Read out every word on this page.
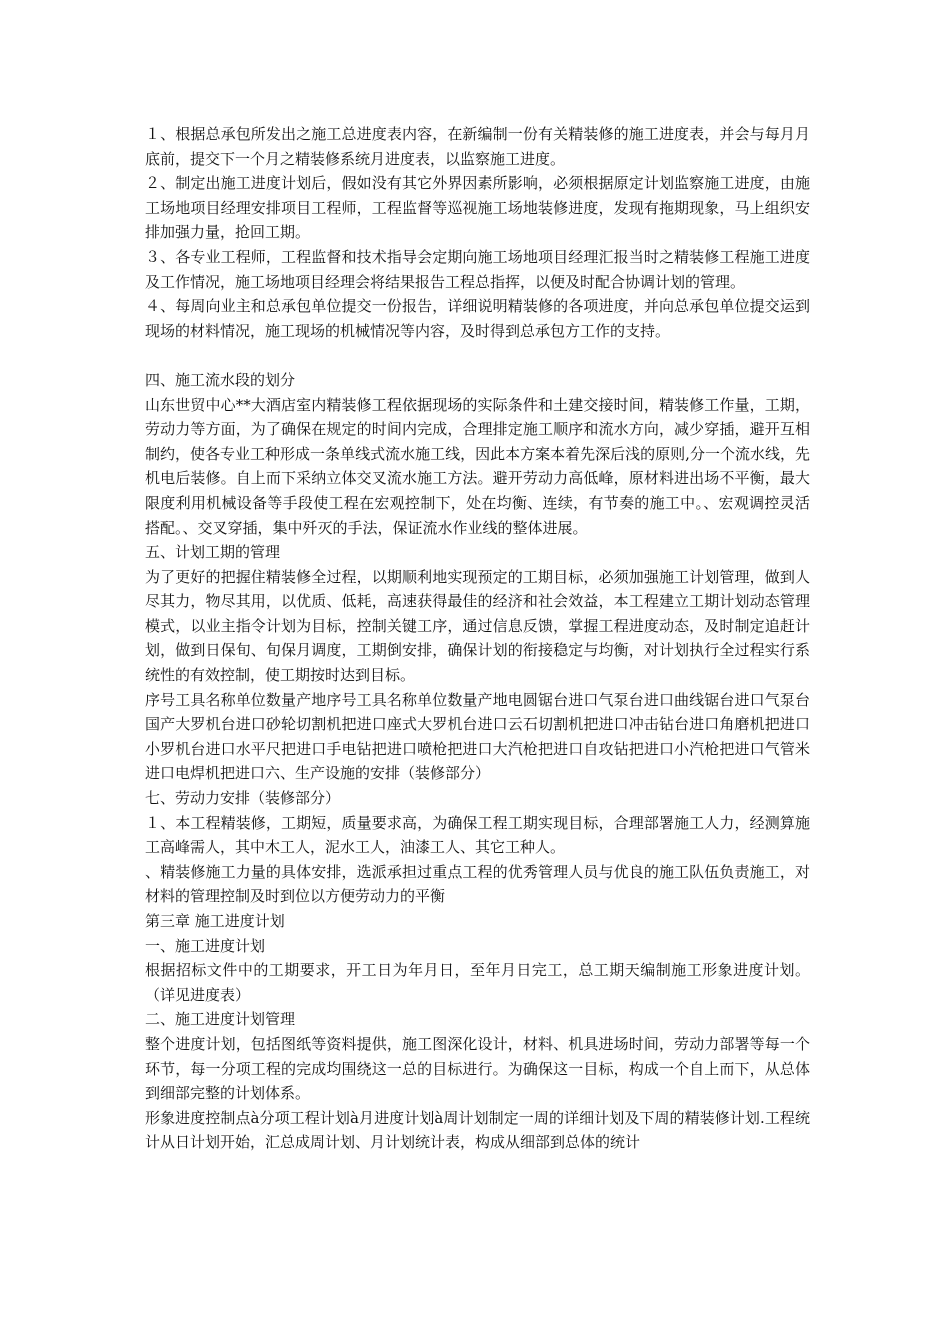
１、根据总承包所发出之施工总进度表内容，在新编制一份有关精装修的施工进度表，并会与每月月底前，提交下一个月之精装修系统月进度表，以监察施工进度。

２、制定出施工进度计划后，假如没有其它外界因素所影响，必须根据原定计划监察施工进度，由施工场地项目经理安排项目工程师，工程监督等巡视施工场地装修进度，发现有拖期现象，马上组织安排加强力量，抢回工期。

３、各专业工程师，工程监督和技术指导会定期向施工场地项目经理汇报当时之精装修工程施工进度及工作情况，施工场地项目经理会将结果报告工程总指挥，以便及时配合协调计划的管理。

４、每周向业主和总承包单位提交一份报告，详细说明精装修的各项进度，并向总承包单位提交运到现场的材料情况，施工现场的机械情况等内容，及时得到总承包方工作的支持。

四、施工流水段的划分

山东世贸中心**大酒店室内精装修工程依据现场的实际条件和土建交接时间，精装修工作量，工期，劳动力等方面，为了确保在规定的时间内完成，合理排定施工顺序和流水方向，减少穿插，避开互相制约，使各专业工种形成一条单线式流水施工线，因此本方案本着先深后浅的原则,分一个流水线，先机电后装修。自上而下采纳立体交叉流水施工方法。避开劳动力高低峰，原材料进出场不平衡，最大限度利用机械设备等手段使工程在宏观控制下，处在均衡、连续，有节奏的施工中。、宏观调控灵活搭配。、交叉穿插，集中歼灭的手法，保证流水作业线的整体进展。

五、计划工期的管理

为了更好的把握住精装修全过程，以期顺利地实现预定的工期目标，必须加强施工计划管理，做到人尽其力，物尽其用，以优质、低耗，高速获得最佳的经济和社会效益，本工程建立工期计划动态管理模式，以业主指令计划为目标，控制关键工序，通过信息反馈，掌握工程进度动态，及时制定追赶计划，做到日保旬、旬保月调度，工期倒安排，确保计划的衔接稳定与均衡，对计划执行全过程实行系统性的有效控制，使工期按时达到目标。

序号工具名称单位数量产地序号工具名称单位数量产地电圆锯台进口气泵台进口曲线锯台进口气泵台国产大罗机台进口砂轮切割机把进口座式大罗机台进口云石切割机把进口冲击钻台进口角磨机把进口小罗机台进口水平尺把进口手电钻把进口喷枪把进口大汽枪把进口自攻钻把进口小汽枪把进口气管米进口电焊机把进口六、生产设施的安排（装修部分）

七、劳动力安排（装修部分）

１、本工程精装修，工期短，质量要求高，为确保工程工期实现目标，合理部署施工人力，经测算施工高峰需人，其中木工人，泥水工人，油漆工人、其它工种人。

、精装修施工力量的具体安排，选派承担过重点工程的优秀管理人员与优良的施工队伍负责施工，对材料的管理控制及时到位以方便劳动力的平衡

第三章 施工进度计划

一、施工进度计划

根据招标文件中的工期要求，开工日为年月日，至年月日完工，总工期天编制施工形象进度计划。（详见进度表）

二、施工进度计划管理

整个进度计划，包括图纸等资料提供，施工图深化设计，材料、机具进场时间，劳动力部署等每一个环节，每一分项工程的完成均围绕这一总的目标进行。为确保这一目标，构成一个自上而下，从总体到细部完整的计划体系。

形象进度控制点à分项工程计划à月进度计划à周计划制定一周的详细计划及下周的精装修计划.工程统计从日计划开始，汇总成周计划、月计划统计表，构成从细部到总体的统计
